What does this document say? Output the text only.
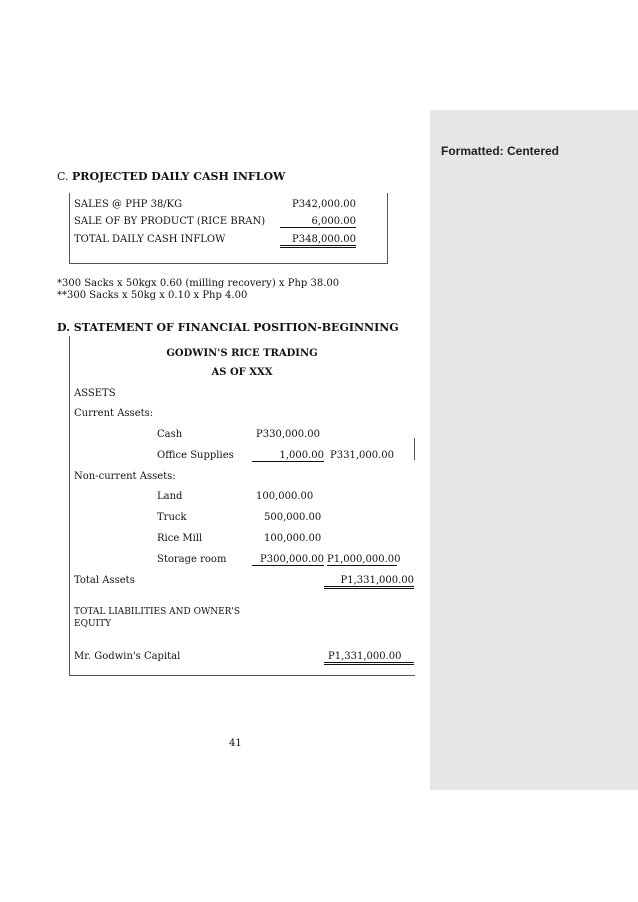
Formatted: Centered
C. PROJECTED DAILY CASH INFLOW
SALES @ PHP 38/KG	P342,000.00
SALE OF BY PRODUCT (RICE BRAN)	6,000.00
TOTAL DAILY CASH INFLOW	P348,000.00
*300 Sacks x 50kgx 0.60 (milling recovery) x Php 38.00
**300 Sacks x 50kg x 0.10 x Php 4.00
D. STATEMENT OF FINANCIAL POSITION-BEGINNING
GODWIN'S RICE TRADING
AS OF XXX
ASSETS
Current Assets:
Cash	P330,000.00
Office Supplies	1,000.00 P331,000.00
Non-current Assets:
Land	100,000.00
Truck	500,000.00
Rice Mill	100,000.00
Storage room	P300,000.00 P1,000,000.00
Total Assets	P1,331,000.00
TOTAL LIABILITIES AND OWNER'S
EQUITY
Mr. Godwin's Capital	P1,331,000.00
41
